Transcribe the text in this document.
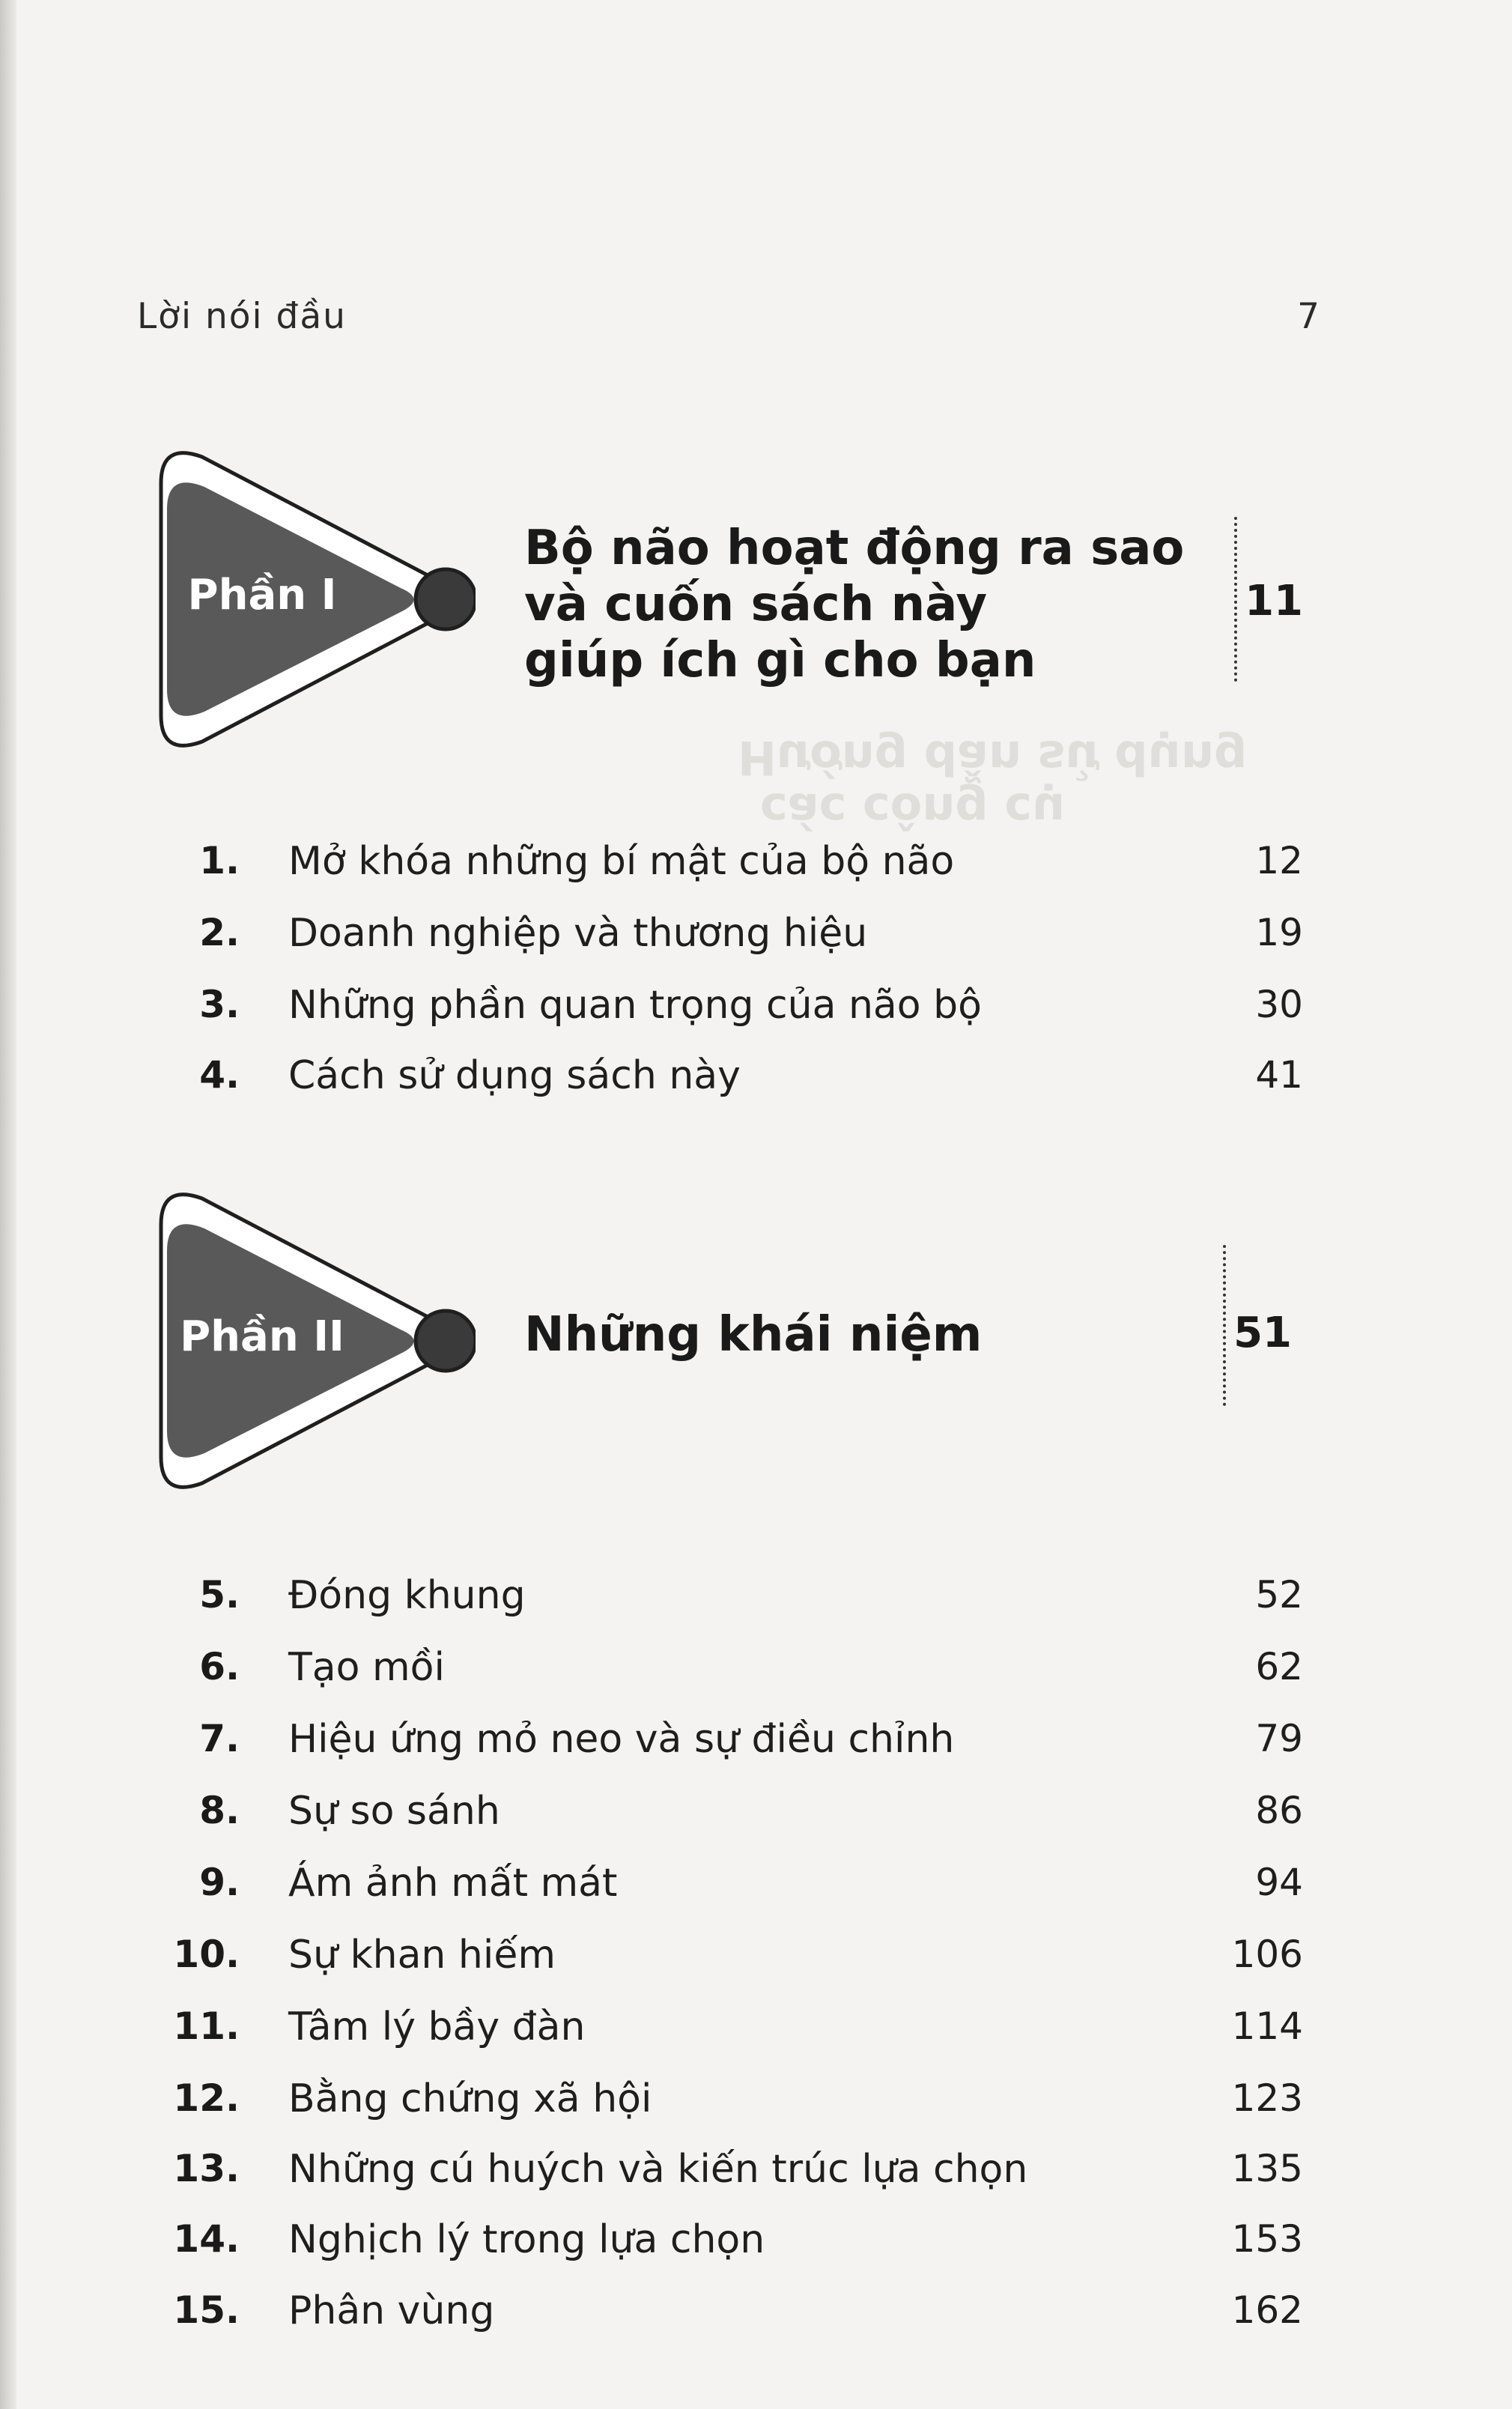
Hướng dẫn sử dụng
các công cụ
Lời nói đầu	7
Phần I
Bộ não hoạt động ra sao
và cuốn sách này
giúp ích gì cho bạn
11
1. Mở khóa những bí mật của bộ não	12
2. Doanh nghiệp và thương hiệu	19
3. Những phần quan trọng của não bộ	30
4. Cách sử dụng sách này	41
Phần II	Những khái niệm	51
5. Đóng khung	52
6. Tạo mồi	62
7. Hiệu ứng mỏ neo và sự điều chỉnh	79
8. Sự so sánh	86
9. Ám ảnh mất mát	94
10. Sự khan hiếm	106
11. Tâm lý bầy đàn	114
12. Bằng chứng xã hội	123
13. Những cú huých và kiến trúc lựa chọn	135
14. Nghịch lý trong lựa chọn	153
15. Phân vùng	162
